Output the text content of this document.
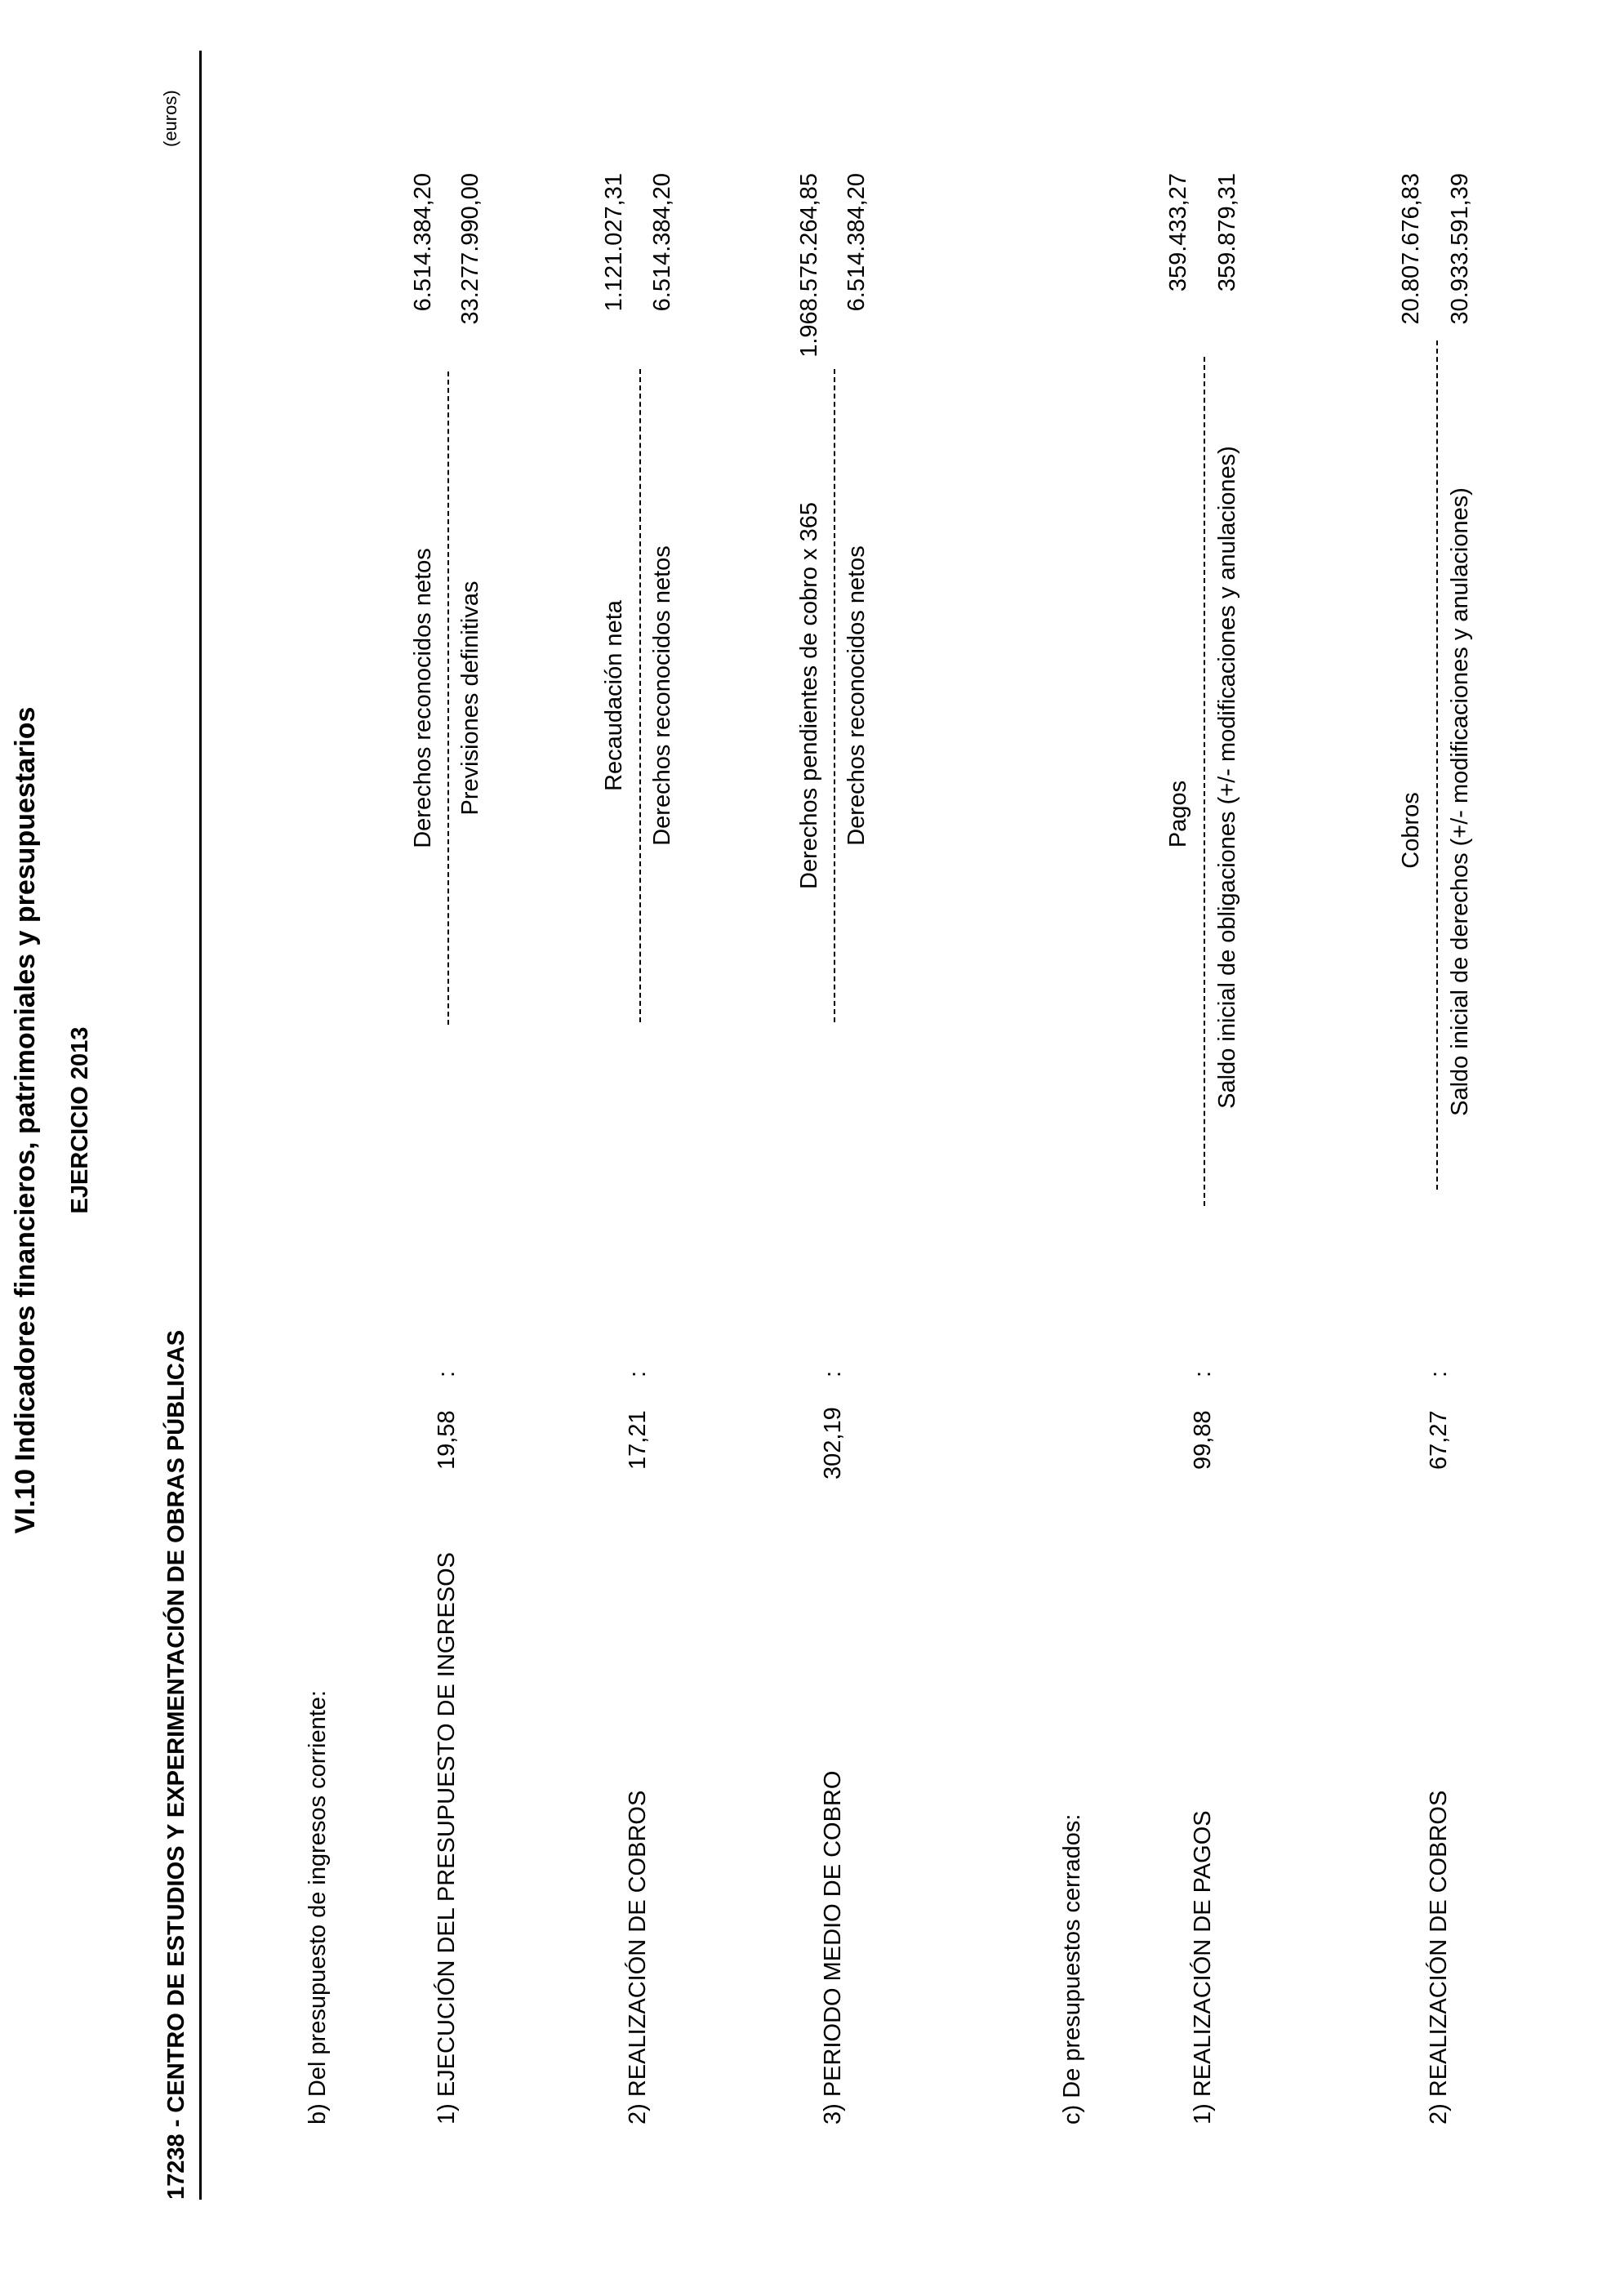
VI.10 Indicadores financieros, patrimoniales y presupuestarios EJERCICIO 2013
17238 - CENTRO DE ESTUDIOS Y EXPERIMENTACIÓN DE OBRAS PÚBLICAS
(euros)
b) Del presupuesto de ingresos corriente:	1) EJECUCIÓN DEL PRESUPUESTO DE INGRESOS
19,58
:
Derechos reconocidos netos Previsiones definitivas
6.514.384,20 33.277.990,00
2) REALIZACIÓN DE COBROS
17,21
:
Recaudación neta Derechos reconocidos netos
1.121.027,31 6.514.384,20
3) PERIODO MEDIO DE COBRO
302,19
:
Derechos pendientes de cobro x 365 Derechos reconocidos netos
1.968.575.264,85 6.514.384,20
c) De presupuestos cerrados:	1) REALIZACIÓN DE PAGOS
99,88
:
Pagos Saldo inicial de obligaciones (+/- modificaciones y anulaciones)
359.433,27 359.879,31
2) REALIZACIÓN DE COBROS
67,27
:
Cobros Saldo inicial de derechos (+/- modificaciones y anulaciones)
20.807.676,83 30.933.591,39
